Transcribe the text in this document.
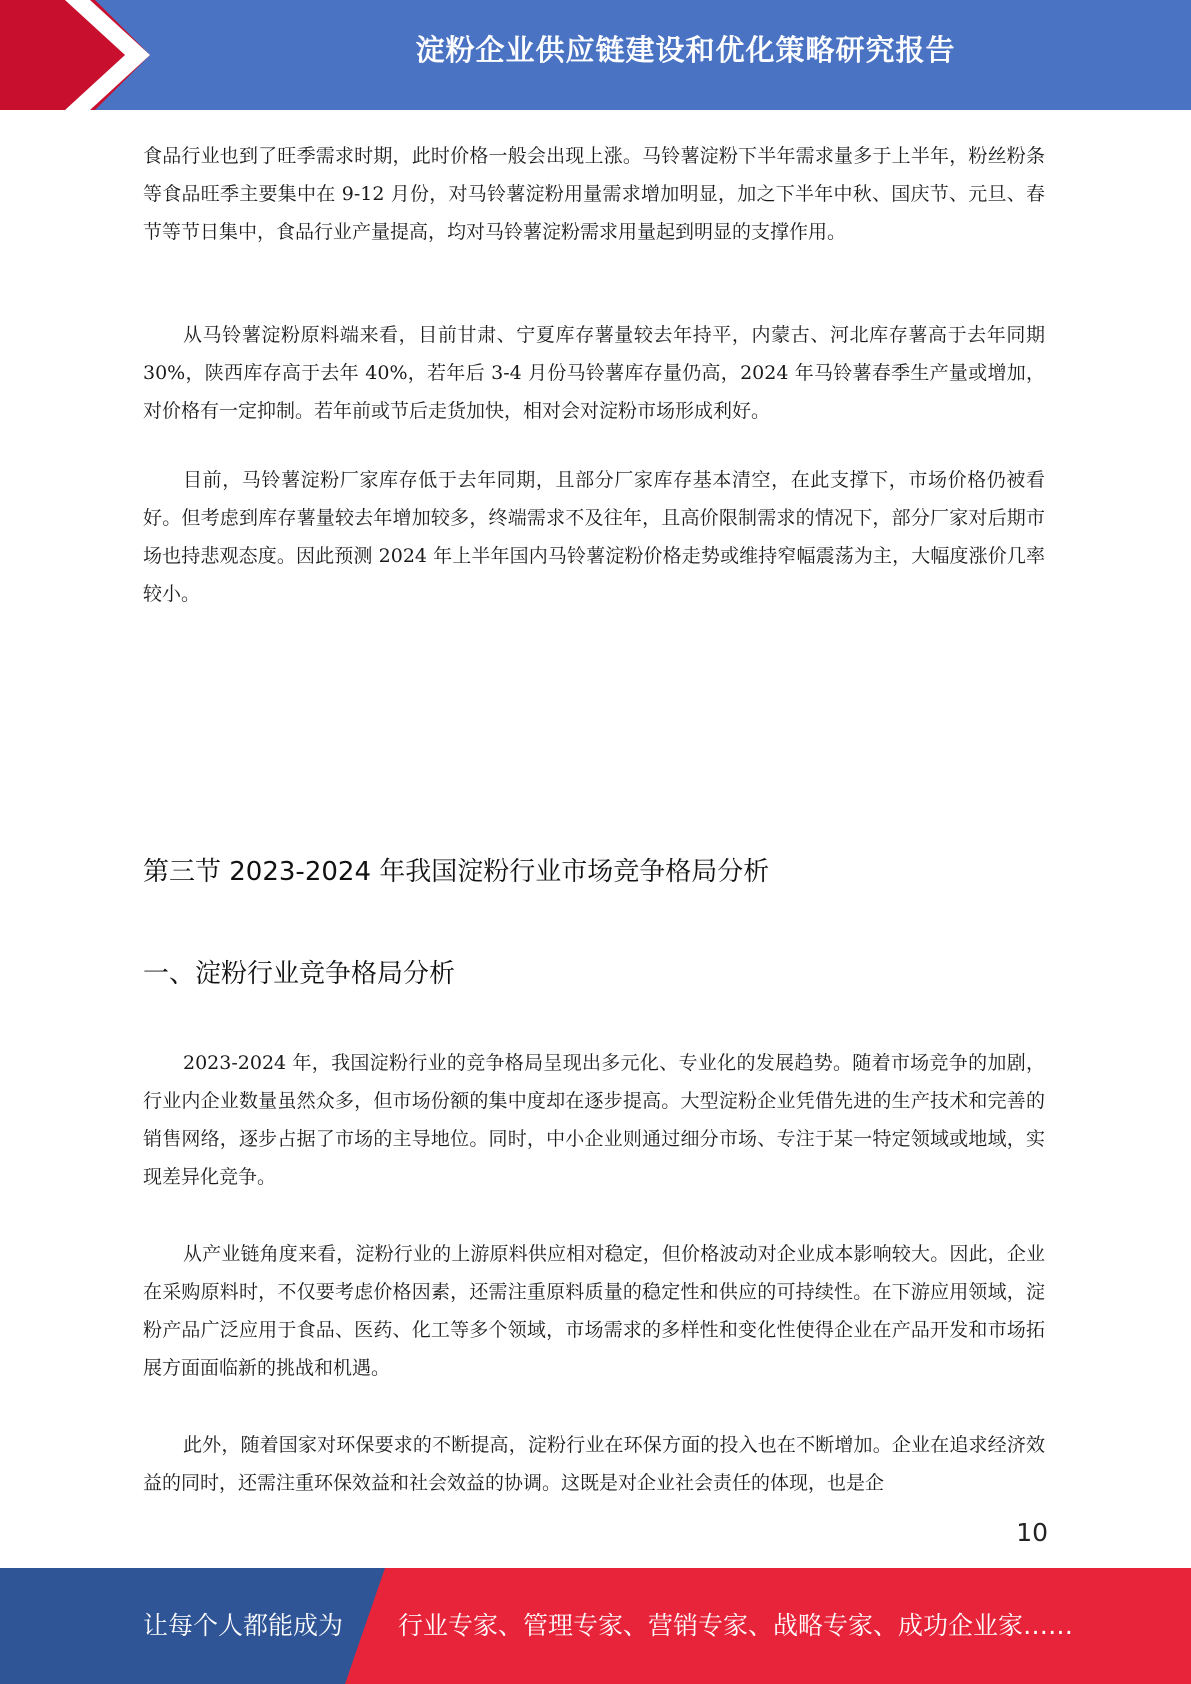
淀粉企业供应链建设和优化策略研究报告

食品行业也到了旺季需求时期，此时价格一般会出现上涨。马铃薯淀粉下半年需求量多于上半年，粉丝粉条等食品旺季主要集中在 9-12 月份，对马铃薯淀粉用量需求增加明显，加之下半年中秋、国庆节、元旦、春节等节日集中，食品行业产量提高，均对马铃薯淀粉需求用量起到明显的支撑作用。

从马铃薯淀粉原料端来看，目前甘肃、宁夏库存薯量较去年持平，内蒙古、河北库存薯高于去年同期 30%，陕西库存高于去年 40%，若年后 3-4 月份马铃薯库存量仍高，2024 年马铃薯春季生产量或增加，对价格有一定抑制。若年前或节后走货加快，相对会对淀粉市场形成利好。

目前，马铃薯淀粉厂家库存低于去年同期，且部分厂家库存基本清空，在此支撑下，市场价格仍被看好。但考虑到库存薯量较去年增加较多，终端需求不及往年，且高价限制需求的情况下，部分厂家对后期市场也持悲观态度。因此预测 2024 年上半年国内马铃薯淀粉价格走势或维持窄幅震荡为主，大幅度涨价几率较小。

第三节 2023-2024 年我国淀粉行业市场竞争格局分析
一、淀粉行业竞争格局分析

2023-2024 年，我国淀粉行业的竞争格局呈现出多元化、专业化的发展趋势。随着市场竞争的加剧，行业内企业数量虽然众多，但市场份额的集中度却在逐步提高。大型淀粉企业凭借先进的生产技术和完善的销售网络，逐步占据了市场的主导地位。同时，中小企业则通过细分市场、专注于某一特定领域或地域，实现差异化竞争。

从产业链角度来看，淀粉行业的上游原料供应相对稳定，但价格波动对企业成本影响较大。因此，企业在采购原料时，不仅要考虑价格因素，还需注重原料质量的稳定性和供应的可持续性。在下游应用领域，淀粉产品广泛应用于食品、医药、化工等多个领域，市场需求的多样性和变化性使得企业在产品开发和市场拓展方面面临新的挑战和机遇。

此外，随着国家对环保要求的不断提高，淀粉行业在环保方面的投入也在不断增加。企业在追求经济效益的同时，还需注重环保效益和社会效益的协调。这既是对企业社会责任的体现，也是企

10
让每个人都能成为 行业专家、管理专家、营销专家、战略专家、成功企业家……
